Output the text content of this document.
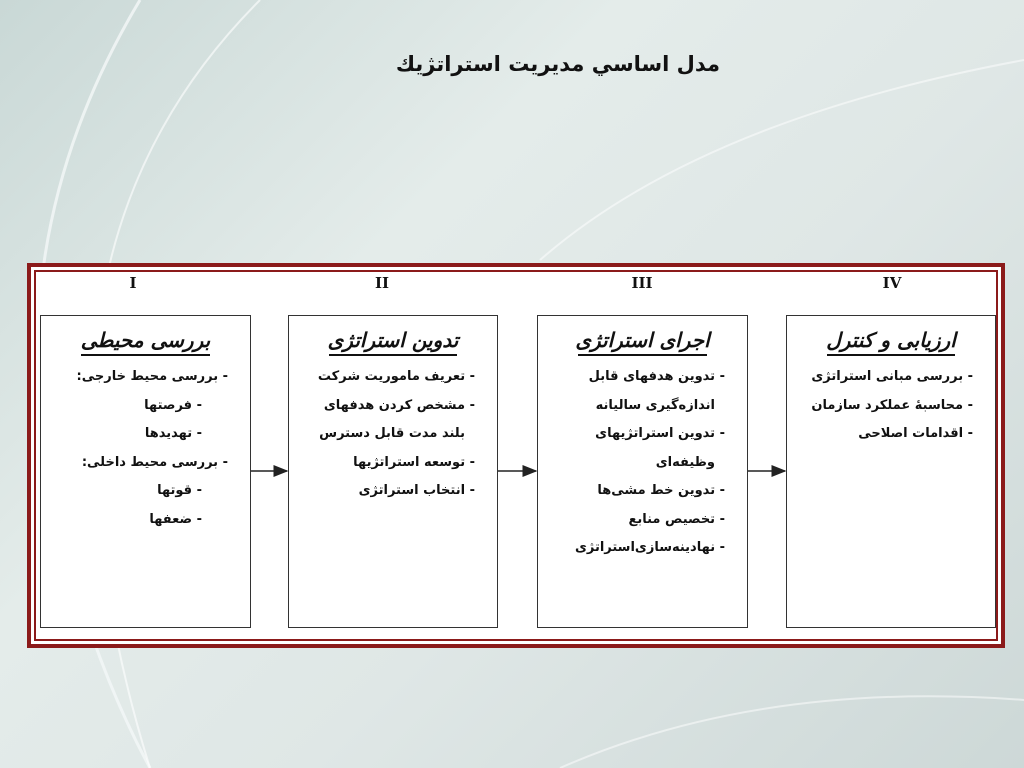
مدل اساسي مديريت استراتژيك
I	II	III	IV
بررسی محیطی
- بررسی محیط خارجی:
- فرصتها
- تهدیدها
- بررسی محیط داخلی:
- قوتها
- ضعفها
تدوین استراتژی
- تعریف ماموریت شرکت
- مشخص کردن هدفهای
بلند مدت قابل دسترس
- توسعه استراتژیها
- انتخاب استراتژی
اجرای استراتژی
- تدوین هدفهای قابل
اندازه‌گیری سالیانه
- تدوین استراتژیهای
وظیفه‌ای
- تدوین خط مشی‌ها
- تخصیص منابع
- نهادینه‌سازی‌استراتژی
ارزیابی و کنترل
- بررسی مبانی استراتژی
- محاسبهٔ عملکرد سازمان
- اقدامات اصلاحی
